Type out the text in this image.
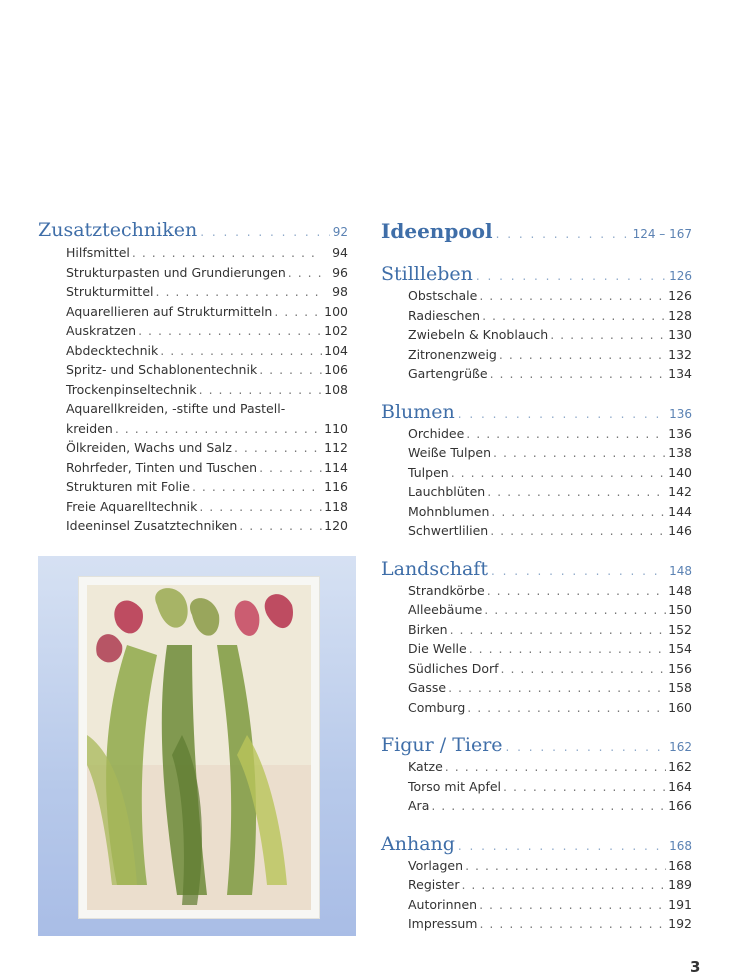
Zusatztechniken . . .	92
Hilfsmittel . . .	94
Strukturpasten und Grundierungen . . .	96
Strukturmittel . . .	98
Aquarellieren auf Strukturmitteln . . .	100
Auskratzen . . .	102
Abdecktechnik . . .	104
Spritz- und Schablonentechnik . . .	106
Trockenpinseltechnik . . .	108
Aquarellkreiden, -stifte und Pastell-
kreiden . . .	110
Ölkreiden, Wachs und Salz . . .	112
Rohrfeder, Tinten und Tuschen . . .	114
Strukturen mit Folie . . .	116
Freie Aquarelltechnik . . .	118
Ideeninsel Zusatztechniken . . .	120
Ideenpool . . .	124 – 167
Stillleben . . .	126
Obstschale . . .	126
Radieschen . . .	128
Zwiebeln & Knoblauch . . .	130
Zitronenzweig . . .	132
Gartengrüße . . .	134
Blumen . . .	136
Orchidee . . .	136
Weiße Tulpen . . .	138
Tulpen . . .	140
Lauchblüten . . .	142
Mohnblumen . . .	144
Schwertlilien . . .	146
Landschaft . . .	148
Strandkörbe . . .	148
Alleebäume . . .	150
Birken . . .	152
Die Welle . . .	154
Südliches Dorf . . .	156
Gasse . . .	158
Comburg . . .	160
Figur / Tiere . . .	162
Katze . . .	162
Torso mit Apfel . . .	164
Ara . . .	166
Anhang . . .	168
Vorlagen . . .	168
Register . . .	189
Autorinnen . . .	191
Impressum . . .	192
3
